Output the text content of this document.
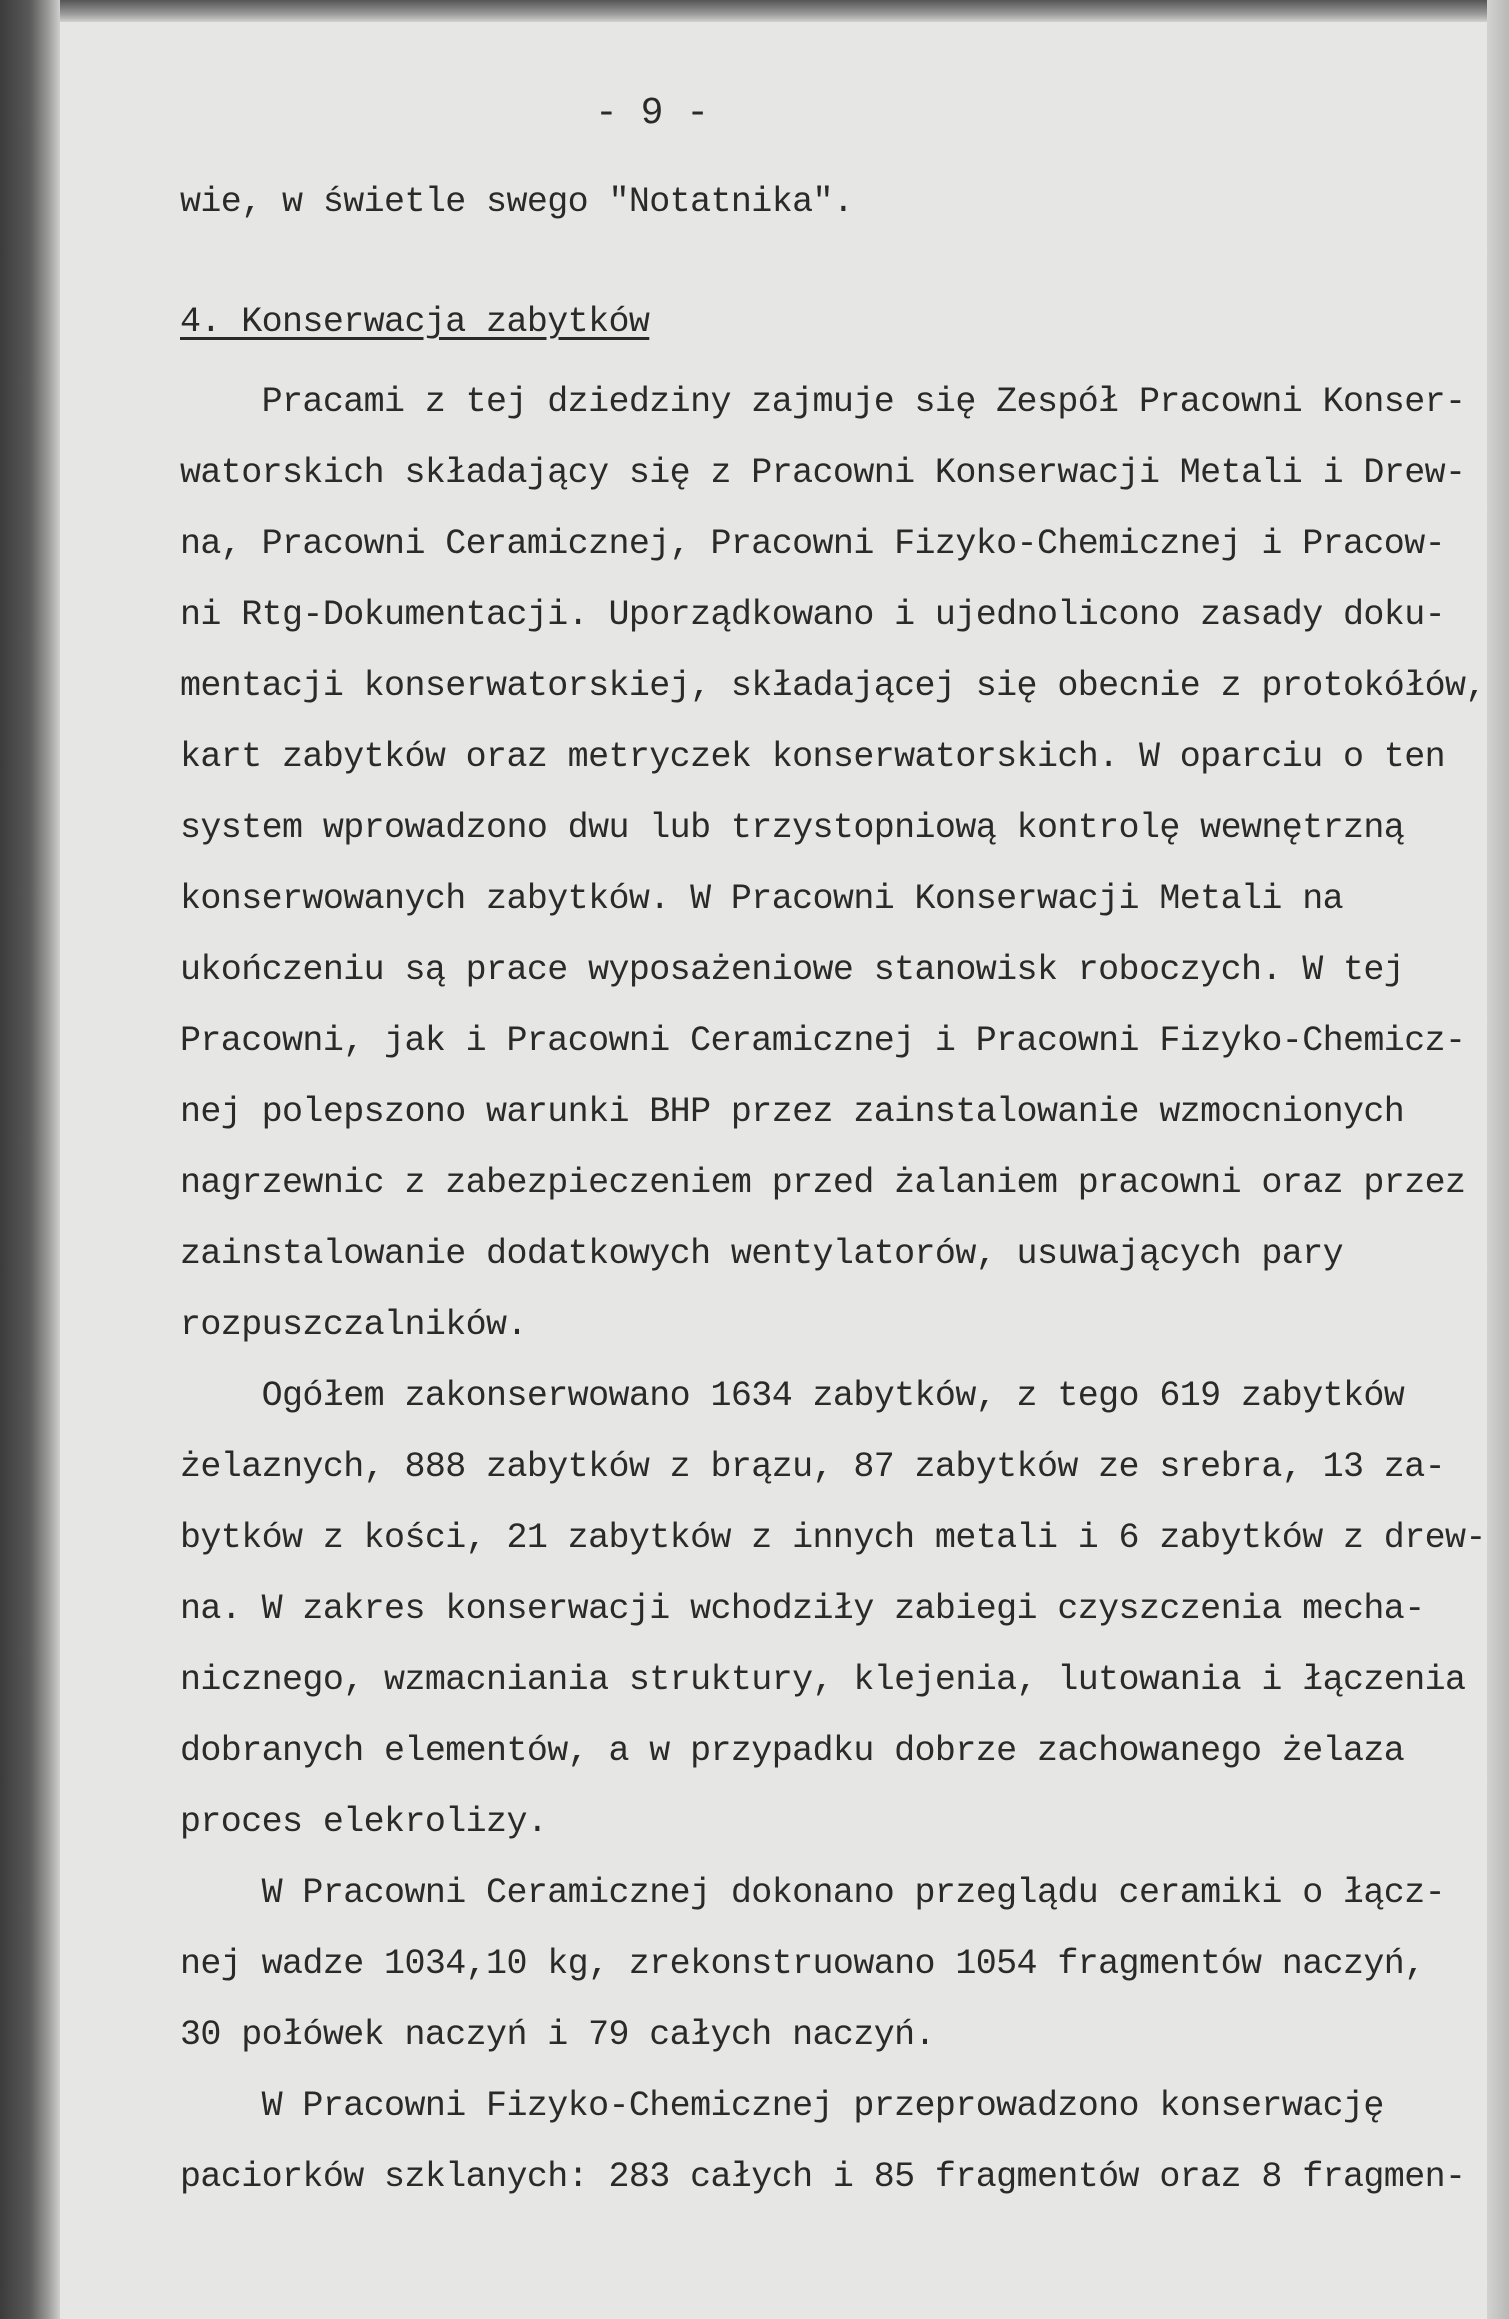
- 9 -
wie, w świetle swego "Notatnika".
4. Konserwacja zabytków
Pracami z tej dziedziny zajmuje się Zespół Pracowni Konser-
watorskich składający się z Pracowni Konserwacji Metali i Drew-
na, Pracowni Ceramicznej, Pracowni Fizyko-Chemicznej i Pracow-
ni Rtg-Dokumentacji. Uporządkowano i ujednolicono zasady doku-
mentacji konserwatorskiej, składającej się obecnie z protokółów,
kart zabytków oraz metryczek konserwatorskich. W oparciu o ten
system wprowadzono dwu lub trzystopniową kontrolę wewnętrzną
konserwowanych zabytków. W Pracowni Konserwacji Metali na
ukończeniu są prace wyposażeniowe stanowisk roboczych. W tej
Pracowni, jak i Pracowni Ceramicznej i Pracowni Fizyko-Chemicz-
nej polepszono warunki BHP przez zainstalowanie wzmocnionych
nagrzewnic z zabezpieczeniem przed żalaniem pracowni oraz przez
zainstalowanie dodatkowych wentylatorów, usuwających pary
rozpuszczalników.
Ogółem zakonserwowano 1634 zabytków, z tego 619 zabytków
żelaznych, 888 zabytków z brązu, 87 zabytków ze srebra, 13 za-
bytków z kości, 21 zabytków z innych metali i 6 zabytków z drew-
na. W zakres konserwacji wchodziły zabiegi czyszczenia mecha-
nicznego, wzmacniania struktury, klejenia, lutowania i łączenia
dobranych elementów, a w przypadku dobrze zachowanego żelaza
proces elekrolizy.
W Pracowni Ceramicznej dokonano przeglądu ceramiki o łącz-
nej wadze 1034,10 kg, zrekonstruowano 1054 fragmentów naczyń,
30 połówek naczyń i 79 całych naczyń.
W Pracowni Fizyko-Chemicznej przeprowadzono konserwację
paciorków szklanych: 283 całych i 85 fragmentów oraz 8 fragmen-
